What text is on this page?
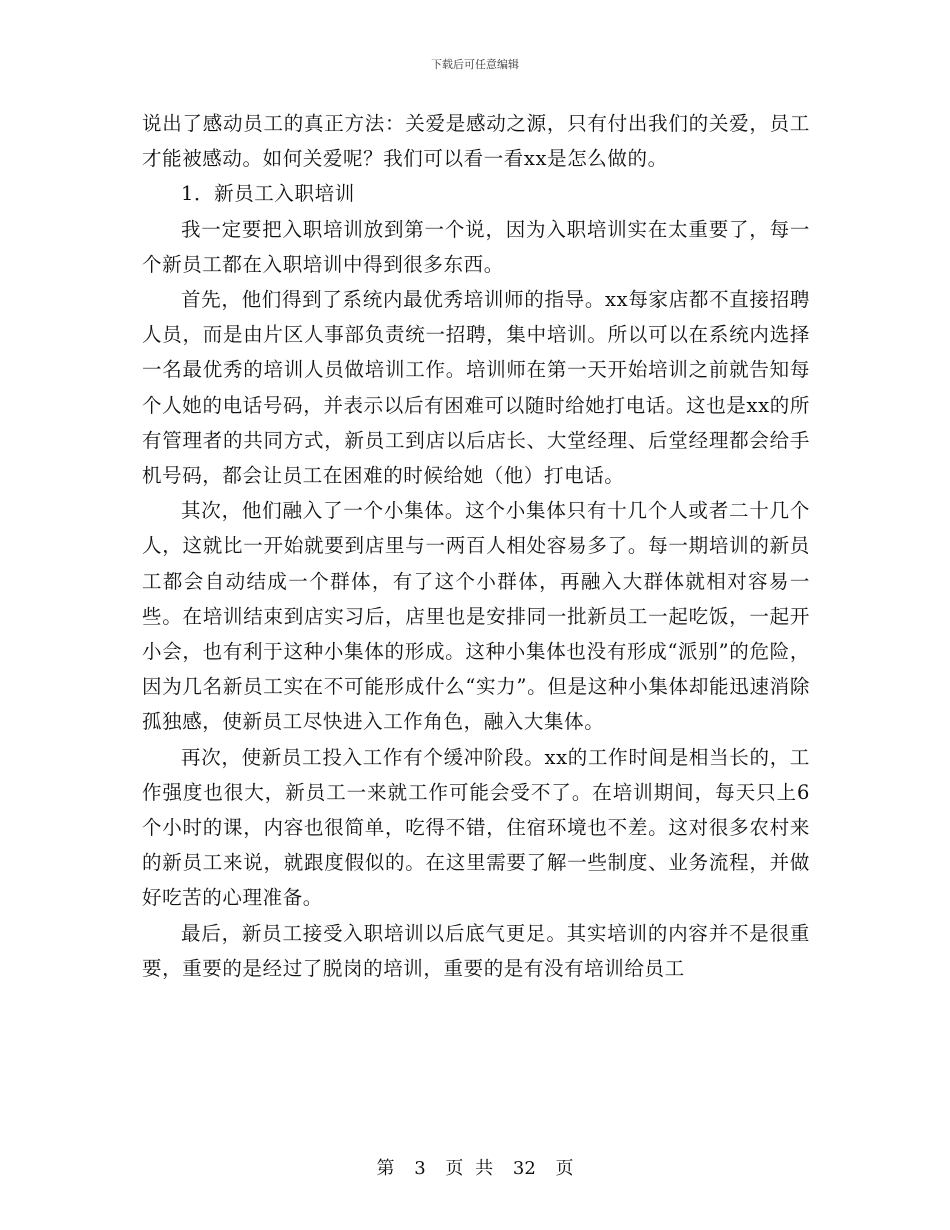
下载后可任意编辑

说出了感动员工的真正方法：关爱是感动之源，只有付出我们的关爱，员工才能被感动。如何关爱呢？我们可以看一看xx是怎么做的。

1．新员工入职培训

我一定要把入职培训放到第一个说，因为入职培训实在太重要了，每一个新员工都在入职培训中得到很多东西。

首先，他们得到了系统内最优秀培训师的指导。xx每家店都不直接招聘人员，而是由片区人事部负责统一招聘，集中培训。所以可以在系统内选择一名最优秀的培训人员做培训工作。培训师在第一天开始培训之前就告知每个人她的电话号码，并表示以后有困难可以随时给她打电话。这也是xx的所有管理者的共同方式，新员工到店以后店长、大堂经理、后堂经理都会给手机号码，都会让员工在困难的时候给她（他）打电话。

其次，他们融入了一个小集体。这个小集体只有十几个人或者二十几个人，这就比一开始就要到店里与一两百人相处容易多了。每一期培训的新员工都会自动结成一个群体，有了这个小群体，再融入大群体就相对容易一些。在培训结束到店实习后，店里也是安排同一批新员工一起吃饭，一起开小会，也有利于这种小集体的形成。这种小集体也没有形成“派别”的危险，因为几名新员工实在不可能形成什么“实力”。但是这种小集体却能迅速消除孤独感，使新员工尽快进入工作角色，融入大集体。

再次，使新员工投入工作有个缓冲阶段。xx的工作时间是相当长的，工作强度也很大，新员工一来就工作可能会受不了。在培训期间，每天只上6个小时的课，内容也很简单，吃得不错，住宿环境也不差。这对很多农村来的新员工来说，就跟度假似的。在这里需要了解一些制度、业务流程，并做好吃苦的心理准备。

最后，新员工接受入职培训以后底气更足。其实培训的内容并不是很重要，重要的是经过了脱岗的培训，重要的是有没有培训给员工

第 3 页 共 32 页
